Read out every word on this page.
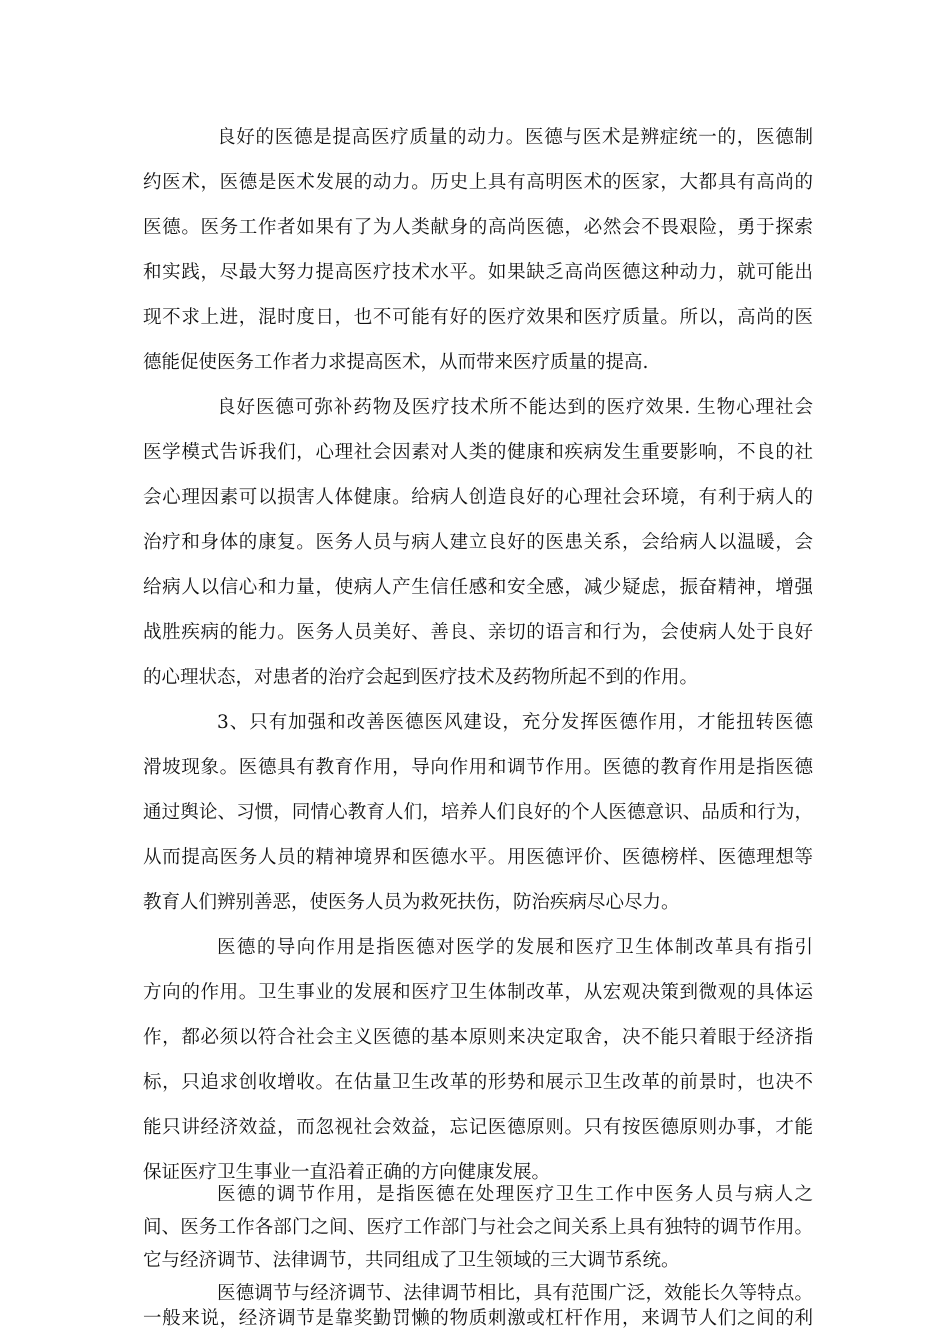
良好的医德是提高医疗质量的动力。医德与医术是辨症统一的，医德制
约医术，医德是医术发展的动力。历史上具有高明医术的医家，大都具有高尚的
医德。医务工作者如果有了为人类献身的高尚医德，必然会不畏艰险，勇于探索
和实践，尽最大努力提高医疗技术水平。如果缺乏高尚医德这种动力，就可能出
现不求上进，混时度日，也不可能有好的医疗效果和医疗质量。所以，高尚的医
德能促使医务工作者力求提高医术，从而带来医疗质量的提高.
良好医德可弥补药物及医疗技术所不能达到的医疗效果. 生物心理社会
医学模式告诉我们，心理社会因素对人类的健康和疾病发生重要影响，不良的社
会心理因素可以损害人体健康。给病人创造良好的心理社会环境，有利于病人的
治疗和身体的康复。医务人员与病人建立良好的医患关系，会给病人以温暖，会
给病人以信心和力量，使病人产生信任感和安全感，减少疑虑，振奋精神，增强
战胜疾病的能力。医务人员美好、善良、亲切的语言和行为，会使病人处于良好
的心理状态，对患者的治疗会起到医疗技术及药物所起不到的作用。
3、只有加强和改善医德医风建设，充分发挥医德作用，才能扭转医德
滑坡现象。医德具有教育作用，导向作用和调节作用。医德的教育作用是指医德
通过舆论、习惯，同情心教育人们，培养人们良好的个人医德意识、品质和行为，
从而提高医务人员的精神境界和医德水平。用医德评价、医德榜样、医德理想等
教育人们辨别善恶，使医务人员为救死扶伤，防治疾病尽心尽力。
医德的导向作用是指医德对医学的发展和医疗卫生体制改革具有指引
方向的作用。卫生事业的发展和医疗卫生体制改革，从宏观决策到微观的具体运
作，都必须以符合社会主义医德的基本原则来决定取舍，决不能只着眼于经济指
标，只追求创收增收。在估量卫生改革的形势和展示卫生改革的前景时，也决不
能只讲经济效益，而忽视社会效益，忘记医德原则。只有按医德原则办事，才能
保证医疗卫生事业一直沿着正确的方向健康发展。
医德的调节作用，是指医德在处理医疗卫生工作中医务人员与病人之
间、医务工作各部门之间、医疗工作部门与社会之间关系上具有独特的调节作用。
它与经济调节、法律调节，共同组成了卫生领域的三大调节系统。
医德调节与经济调节、法律调节相比，具有范围广泛，效能长久等特点。
一般来说，经济调节是靠奖勤罚懒的物质刺激或杠杆作用，来调节人们之间的利
